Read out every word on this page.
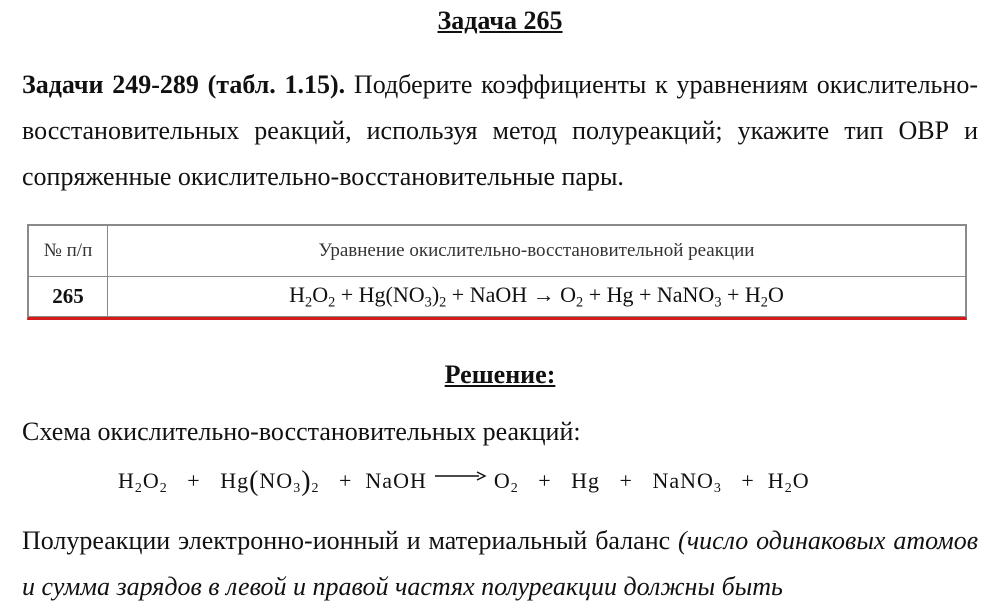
Задача 265
Задачи 249-289 (табл. 1.15). Подберите коэффициенты к уравнениям окислительно-восстановительных реакций, используя метод полуреакций; укажите тип ОВР и сопряженные окислительно-восстановительные пары.
№ п/п	Уравнение окислительно-восстановительной реакции
265	$H_2O_2 + Hg(NO_3)_2$ + NaOH → $O_2 + Hg$ + NaNO$_3$ + $H_2O$
Решение:
Схема окислительно-восстановительных реакций:
$H_2O_2 + Hg(NO_3)_2$   +  NaOH  $O_2 + Hg$   +   NaNO$_3$   +  $H_2O$
Полуреакции электронно-ионный и материальный баланс (число одинаковых атомов и сумма зарядов в левой и правой частях полуреакции должны быть
